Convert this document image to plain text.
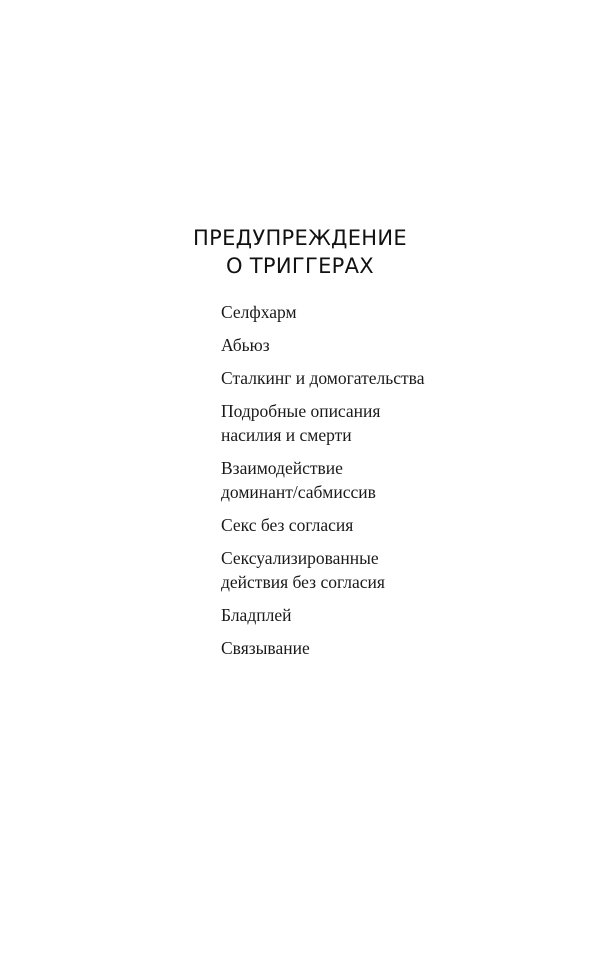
ПРЕДУПРЕЖДЕНИЕ
О ТРИГГЕРАХ
Селфхарм
Абьюз
Сталкинг и домогательства
Подробные описания
насилия и смерти
Взаимодействие
доминант/сабмиссив
Секс без согласия
Сексуализированные
действия без согласия
Бладплей
Связывание
